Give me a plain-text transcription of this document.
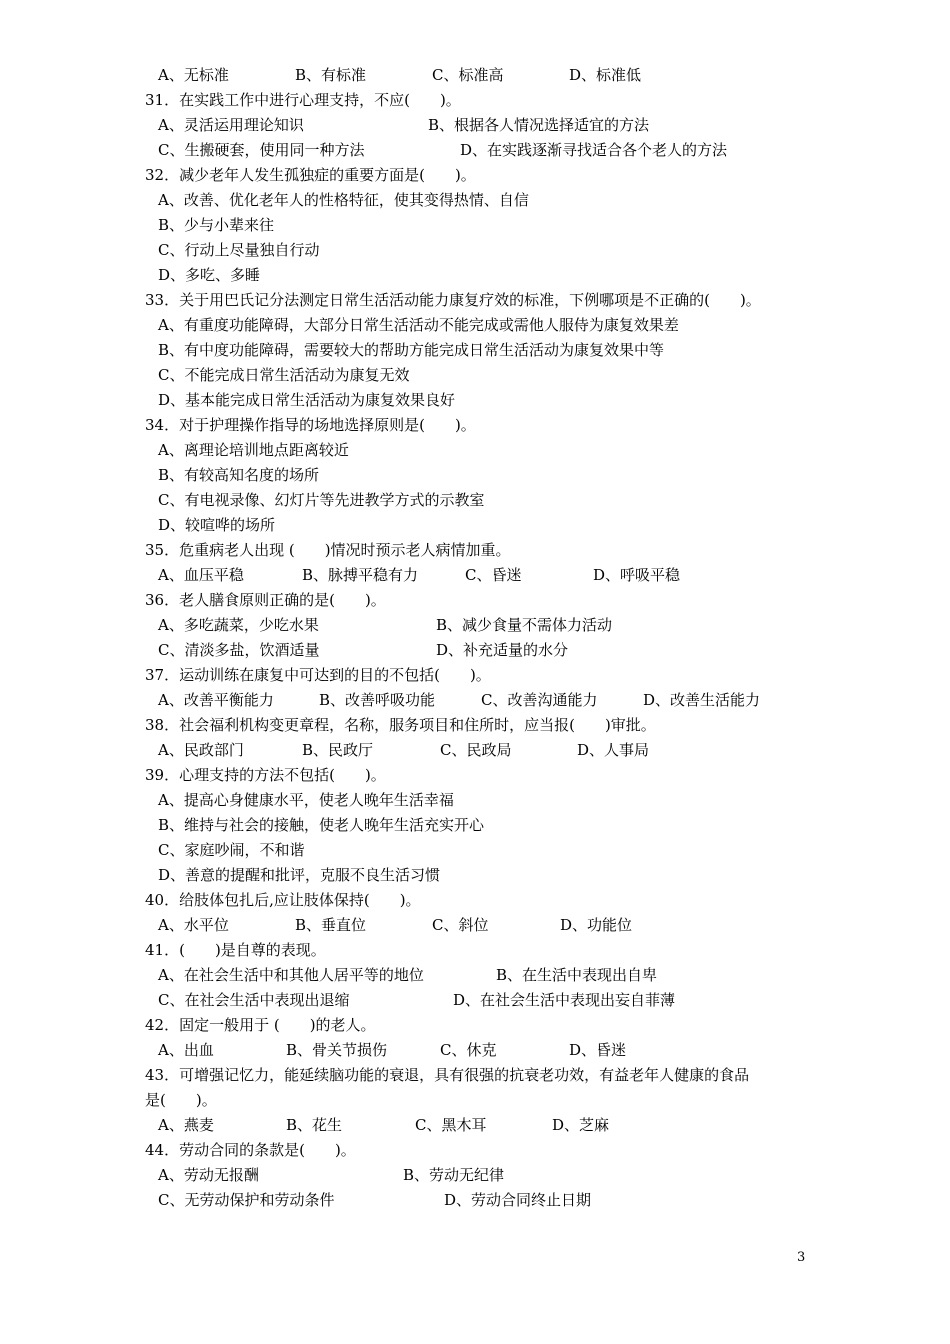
3
A、无标准	B、有标准	C、标准高	D、标准低
31．在实践工作中进行心理支持，不应(　　)。
A、灵活运用理论知识	B、根据各人情况选择适宜的方法
C、生搬硬套，使用同一种方法	D、在实践逐渐寻找适合各个老人的方法
32．减少老年人发生孤独症的重要方面是(　　)。
A、改善、优化老年人的性格特征，使其变得热情、自信
B、少与小辈来往
C、行动上尽量独自行动
D、多吃、多睡
33．关于用巴氏记分法测定日常生活活动能力康复疗效的标准，下例哪项是不正确的(　　)。
A、有重度功能障碍，大部分日常生活活动不能完成或需他人服侍为康复效果差
B、有中度功能障碍，需要较大的帮助方能完成日常生活活动为康复效果中等
C、不能完成日常生活活动为康复无效
D、基本能完成日常生活活动为康复效果良好
34．对于护理操作指导的场地选择原则是(　　)。
A、离理论培训地点距离较近
B、有较高知名度的场所
C、有电视录像、幻灯片等先进教学方式的示教室
D、较喧哗的场所
35．危重病老人出现 (　　)情况时预示老人病情加重。
A、血压平稳	B、脉搏平稳有力	C、昏迷	D、呼吸平稳
36．老人膳食原则正确的是(　　)。
A、多吃蔬菜，少吃水果	B、减少食量不需体力活动
C、清淡多盐，饮酒适量	D、补充适量的水分
37．运动训练在康复中可达到的目的不包括(　　)。
A、改善平衡能力	B、改善呼吸功能	C、改善沟通能力	D、改善生活能力
38．社会福利机构变更章程，名称，服务项目和住所时，应当报(　　)审批。
A、民政部门	B、民政厅	C、民政局	D、人事局
39．心理支持的方法不包括(　　)。
A、提高心身健康水平，使老人晚年生活幸福
B、维持与社会的接触，使老人晚年生活充实开心
C、家庭吵闹，不和谐
D、善意的提醒和批评，克服不良生活习惯
40．给肢体包扎后,应让肢体保持(　　)。
A、水平位	B、垂直位	C、斜位	D、功能位
41．(　　)是自尊的表现。
A、在社会生活中和其他人居平等的地位	B、在生活中表现出自卑
C、在社会生活中表现出退缩	D、在社会生活中表现出妄自菲薄
42．固定一般用于 (　　)的老人。
A、出血	B、骨关节损伤	C、休克	D、昏迷
43．可增强记忆力，能延续脑功能的衰退，具有很强的抗衰老功效，有益老年人健康的食品
是(　　)。
A、燕麦	B、花生	C、黑木耳	D、芝麻
44．劳动合同的条款是(　　)。
A、劳动无报酬	B、劳动无纪律
C、无劳动保护和劳动条件	D、劳动合同终止日期
